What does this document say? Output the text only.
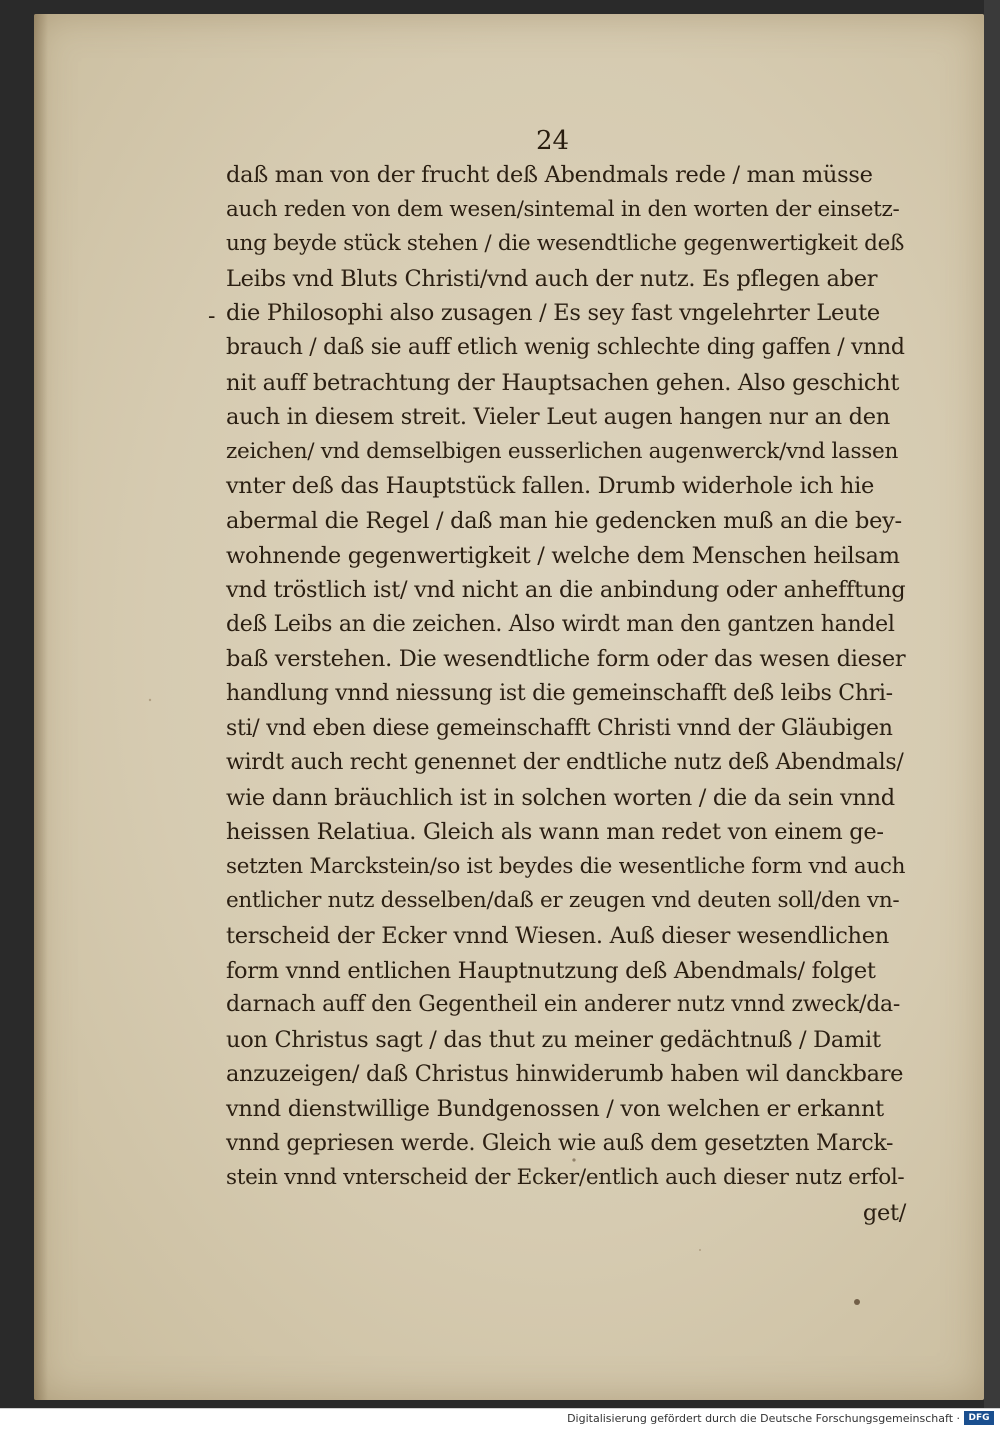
24
-
daß man von der frucht deß Abendmals rede / man müsse
auch reden von dem wesen/sintemal in den worten der einsetz-
ung beyde stück stehen / die wesendtliche gegenwertigkeit deß
Leibs vnd Bluts Christi/vnd auch der nutz. Es pflegen aber
die Philosophi also zusagen / Es sey fast vngelehrter Leute
brauch / daß sie auff etlich wenig schlechte ding gaffen / vnnd
nit auff betrachtung der Hauptsachen gehen. Also geschicht
auch in diesem streit. Vieler Leut augen hangen nur an den
zeichen/ vnd demselbigen eusserlichen augenwerck/vnd lassen
vnter deß das Hauptstück fallen. Drumb widerhole ich hie
abermal die Regel / daß man hie gedencken muß an die bey-
wohnende gegenwertigkeit / welche dem Menschen heilsam
vnd tröstlich ist/ vnd nicht an die anbindung oder anhefftung
deß Leibs an die zeichen. Also wirdt man den gantzen handel
baß verstehen. Die wesendtliche form oder das wesen dieser
handlung vnnd niessung ist die gemeinschafft deß leibs Chri-
sti/ vnd eben diese gemeinschafft Christi vnnd der Gläubigen
wirdt auch recht genennet der endtliche nutz deß Abendmals/
wie dann bräuchlich ist in solchen worten / die da sein vnnd
heissen Relatiua. Gleich als wann man redet von einem ge-
setzten Marckstein/so ist beydes die wesentliche form vnd auch
entlicher nutz desselben/daß er zeugen vnd deuten soll/den vn-
terscheid der Ecker vnnd Wiesen. Auß dieser wesendlichen
form vnnd entlichen Hauptnutzung deß Abendmals/ folget
darnach auff den Gegentheil ein anderer nutz vnnd zweck/da-
uon Christus sagt / das thut zu meiner gedächtnuß / Damit
anzuzeigen/ daß Christus hinwiderumb haben wil danckbare
vnnd dienstwillige Bundgenossen / von welchen er erkannt
vnnd gepriesen werde. Gleich wie auß dem gesetzten Marck-
stein vnnd vnterscheid der Ecker/entlich auch dieser nutz erfol-
get/
Digitalisierung gefördert durch die Deutsche Forschungsgemeinschaft · DFG
